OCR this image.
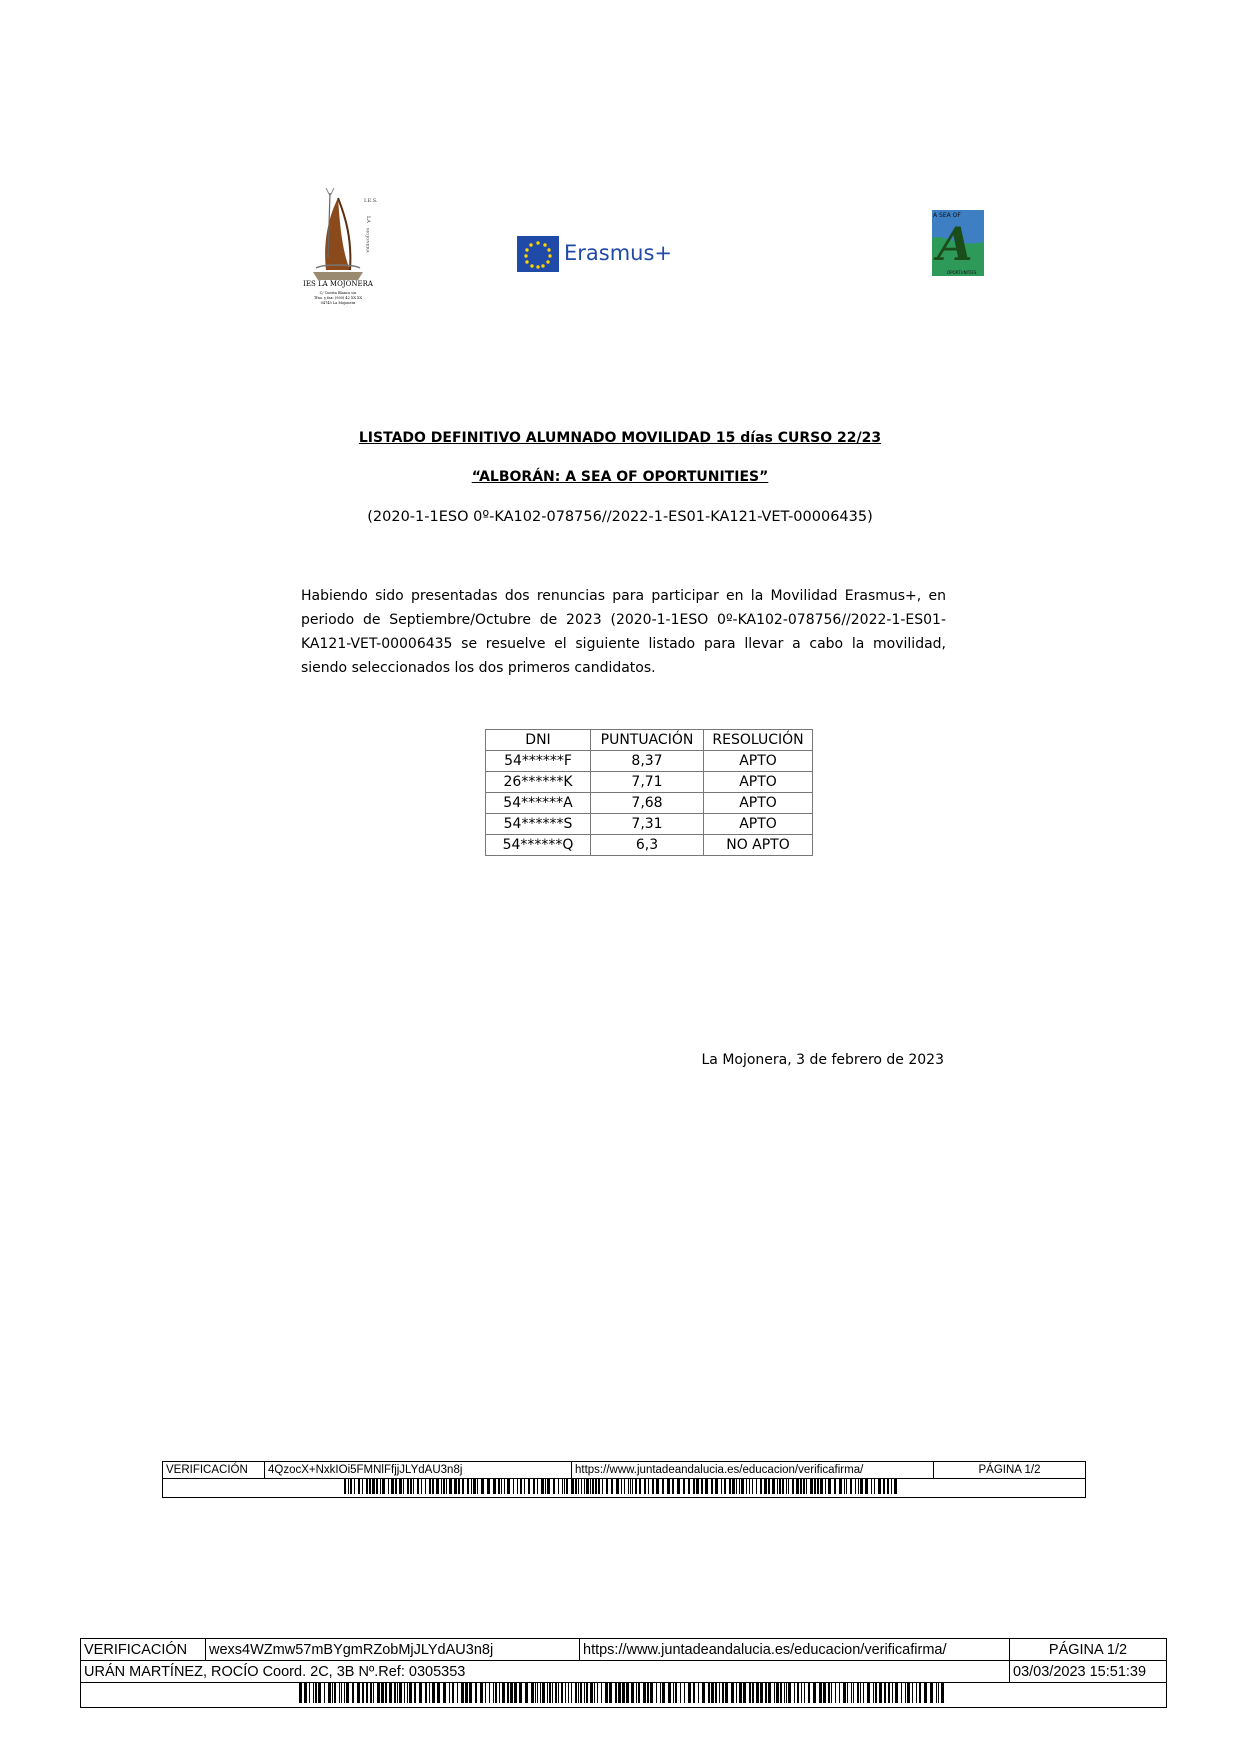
I.E.S.
LA
MOJONERA
IES LA MOJONERA
C/ Cuesta Blanca s/n
Tfno. y fax: (950) 42 XX XX
04745 La Mojonera
Erasmus+	A
A SEA OF
OPORTUNITIES
LISTADO DEFINITIVO ALUMNADO MOVILIDAD 15 días CURSO 22/23
“ALBORÁN: A SEA OF OPORTUNITIES”
(2020-1-1ESO 0º-KA102-078756//2022-1-ES01-KA121-VET-00006435)
Habiendo sido presentadas dos renuncias para participar en la Movilidad Erasmus+, en periodo de Septiembre/Octubre de 2023 (2020-1-1ESO 0º-KA102-078756//2022-1-ES01-KA121-VET-00006435 se resuelve el siguiente listado para llevar a cabo la movilidad, siendo seleccionados los dos primeros candidatos.
DNI	PUNTUACIÓN	RESOLUCIÓN
54******F	8,37	APTO
26******K	7,71	APTO
54******A	7,68	APTO
54******S	7,31	APTO
54******Q	6,3	NO APTO
La Mojonera, 3 de febrero de 2023
VERIFICACIÓN	4QzocX+NxkIOi5FMNlFfjjJLYdAU3n8j	https://www.juntadeandalucia.es/educacion/verificafirma/	PÁGINA 1/2

VERIFICACIÓN	wexs4WZmw57mBYgmRZobMjJLYdAU3n8j	https://www.juntadeandalucia.es/educacion/verificafirma/	PÁGINA 1/2
URÁN MARTÍNEZ, ROCÍO Coord. 2C, 3B Nº.Ref: 0305353			03/03/2023 15:51:39
